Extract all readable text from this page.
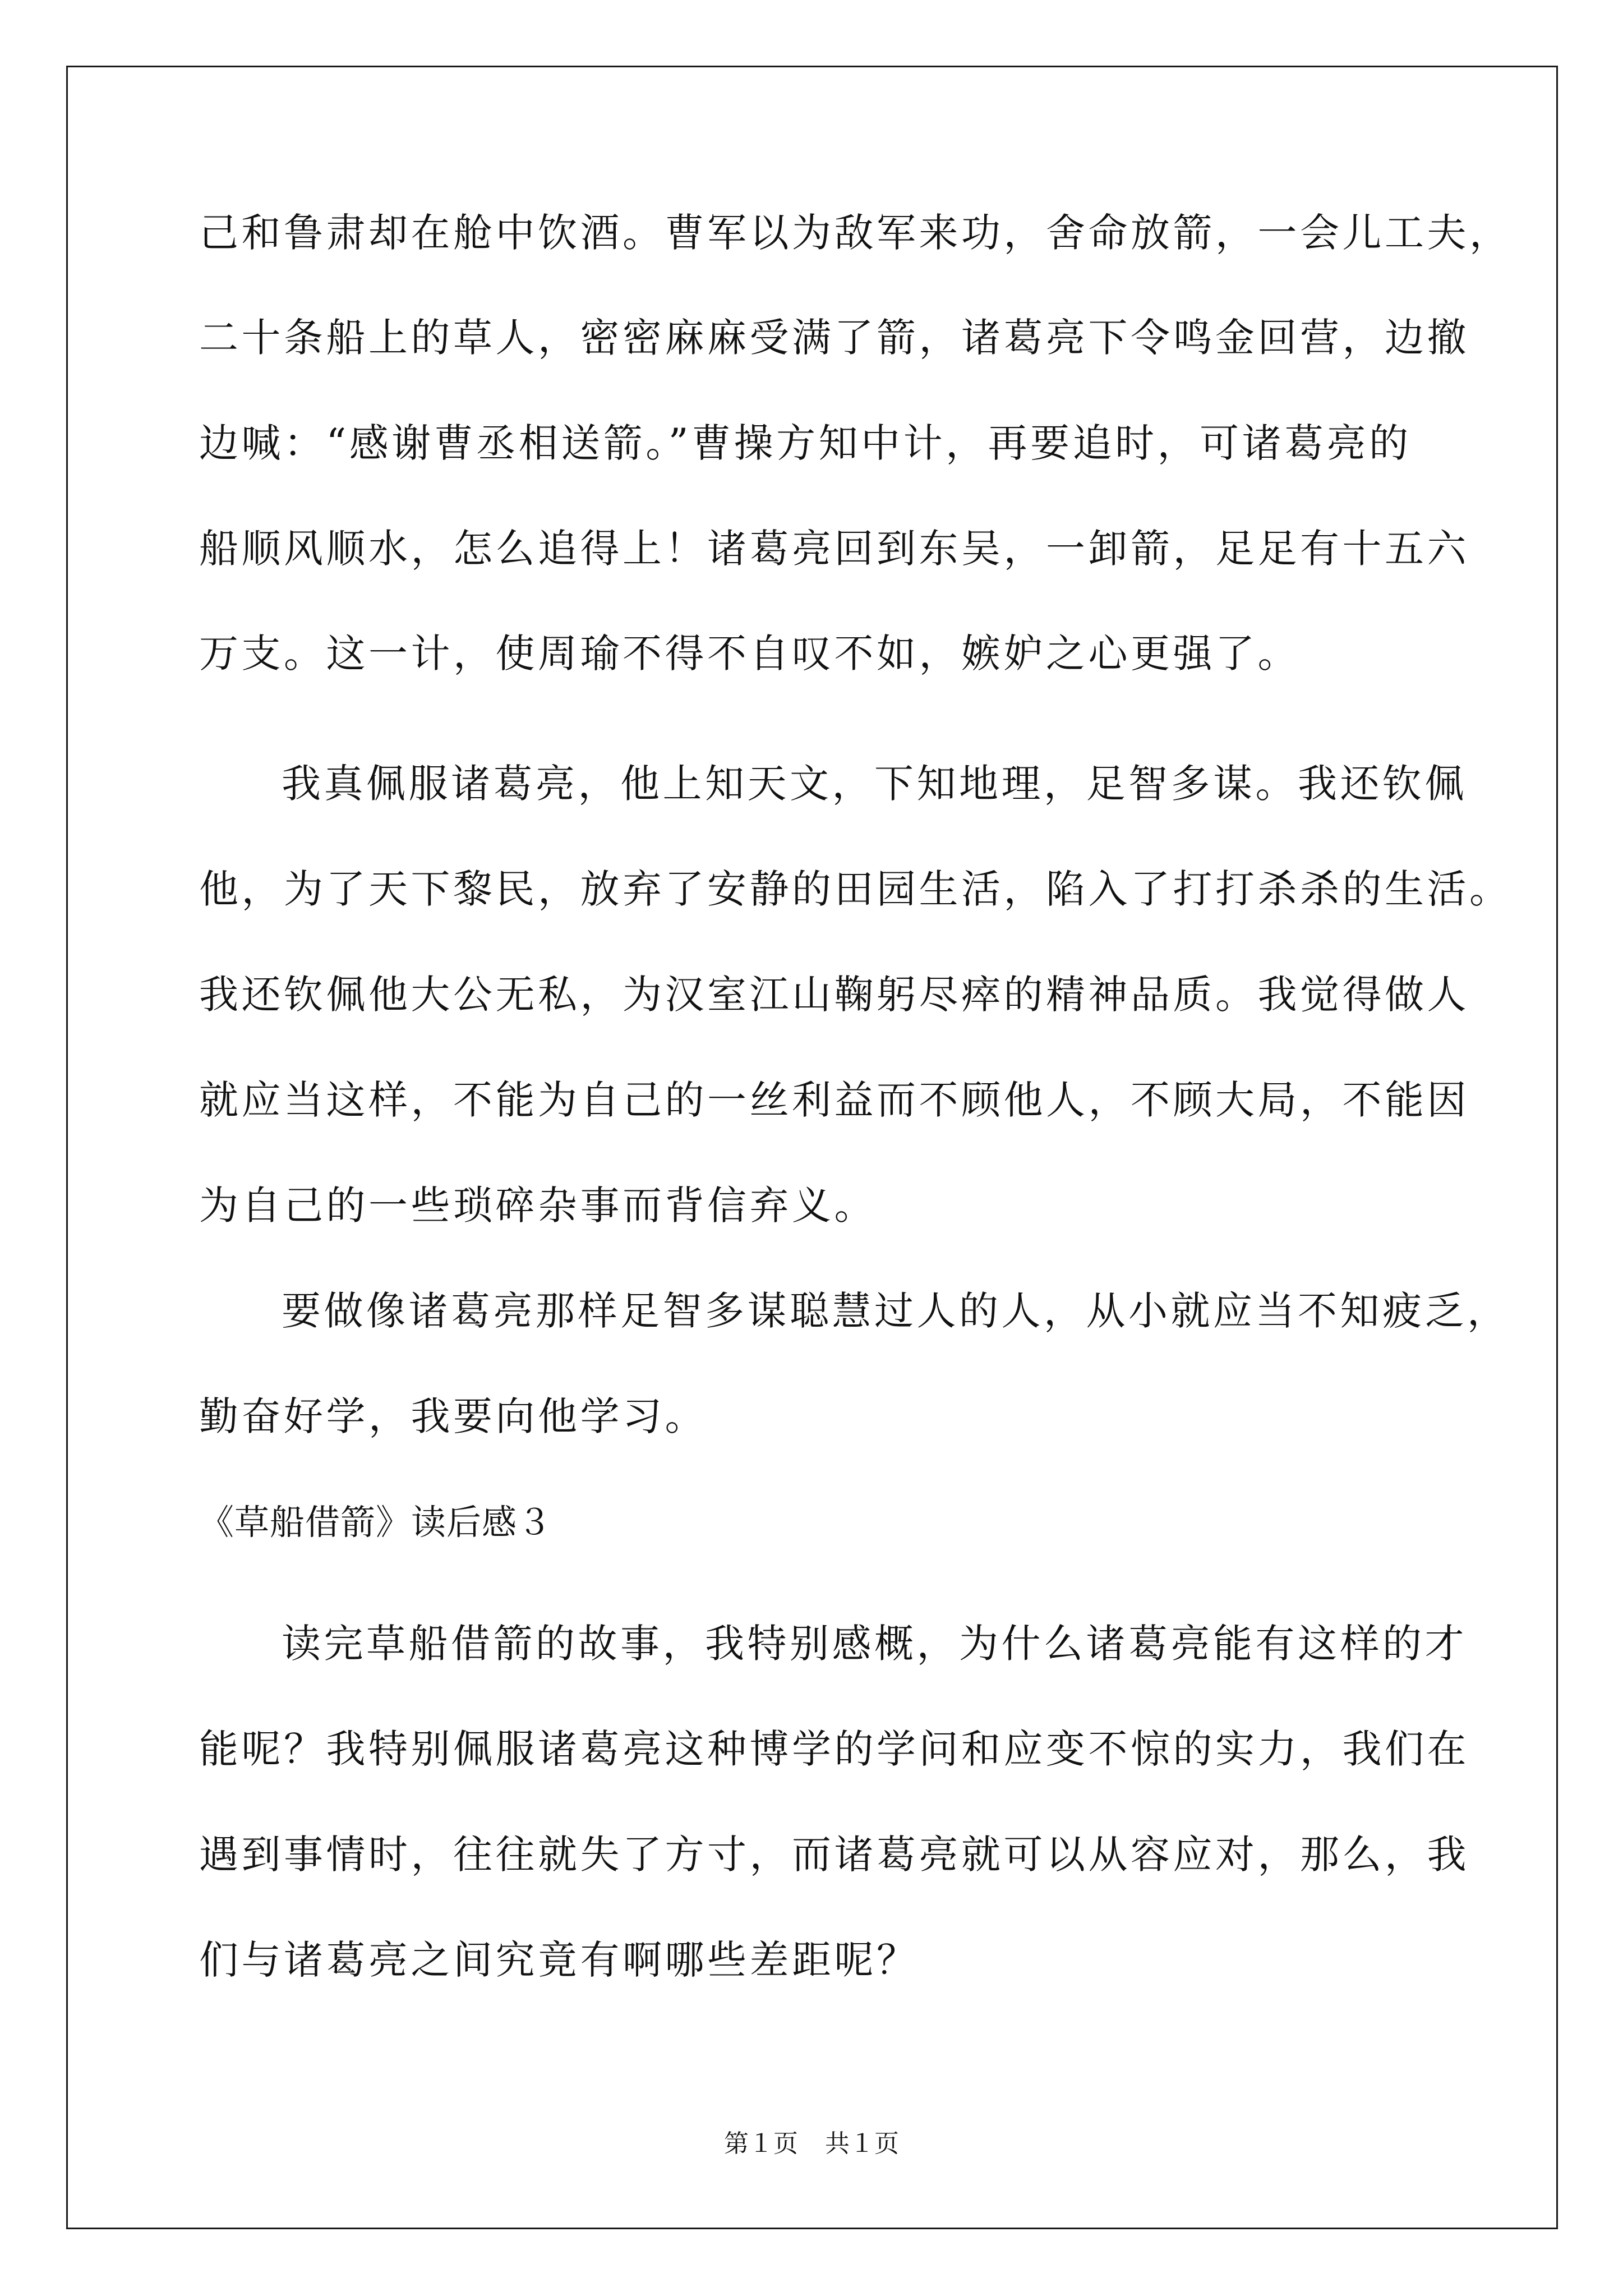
己和鲁肃却在舱中饮酒。曹军以为敌军来功，舍命放箭，一会儿工夫，
二十条船上的草人，密密麻麻受满了箭，诸葛亮下令鸣金回营，边撤
边喊：“感谢曹丞相送箭。”曹操方知中计，再要追时，可诸葛亮的
船顺风顺水，怎么追得上！诸葛亮回到东吴，一卸箭，足足有十五六
万支。这一计，使周瑜不得不自叹不如，嫉妒之心更强了。
我真佩服诸葛亮，他上知天文，下知地理，足智多谋。我还钦佩
他，为了天下黎民，放弃了安静的田园生活，陷入了打打杀杀的生活。
我还钦佩他大公无私，为汉室江山鞠躬尽瘁的精神品质。我觉得做人
就应当这样，不能为自己的一丝利益而不顾他人，不顾大局，不能因
为自己的一些琐碎杂事而背信弃义。
要做像诸葛亮那样足智多谋聪慧过人的人，从小就应当不知疲乏，
勤奋好学，我要向他学习。
《草船借箭》读后感３
读完草船借箭的故事，我特别感概，为什么诸葛亮能有这样的才
能呢？我特别佩服诸葛亮这种博学的学问和应变不惊的实力，我们在
遇到事情时，往往就失了方寸，而诸葛亮就可以从容应对，那么，我
们与诸葛亮之间究竟有啊哪些差距呢？
第１页 共１页
